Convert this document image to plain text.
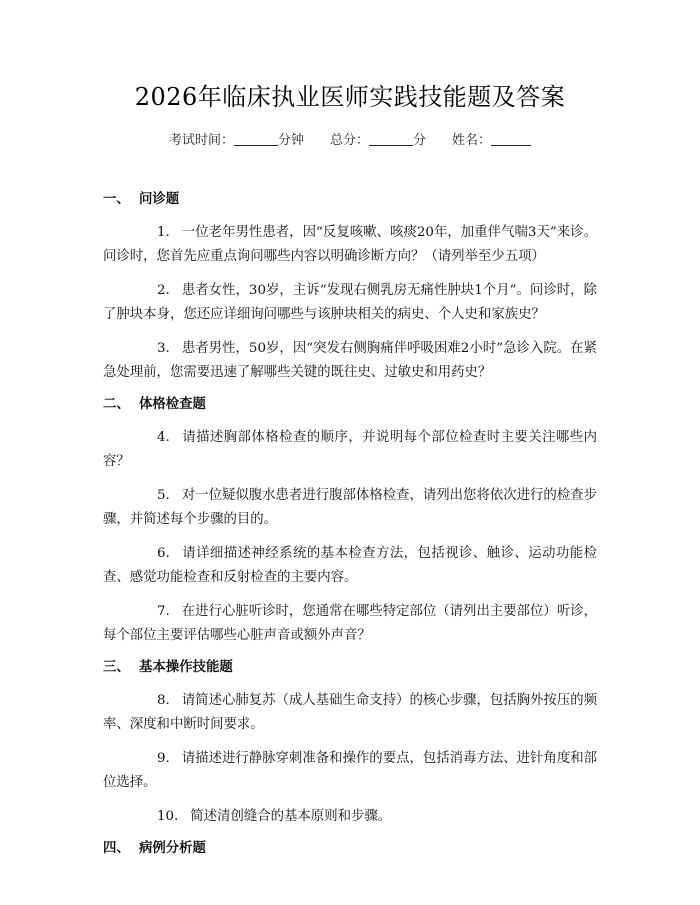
2026年临床执业医师实践技能题及答案
考试时间：	分钟 总分：	分 姓名：

一、 问诊题

1. 一位老年男性患者，因“反复咳嗽、咳痰20年，加重伴气喘3天”来诊。问诊时，您首先应重点询问哪些内容以明确诊断方向？（请列举至少五项）

2. 患者女性，30岁，主诉“发现右侧乳房无痛性肿块1个月”。问诊时，除了肿块本身，您还应详细询问哪些与该肿块相关的病史、个人史和家族史？

3. 患者男性，50岁，因“突发右侧胸痛伴呼吸困难2小时”急诊入院。在紧急处理前，您需要迅速了解哪些关键的既往史、过敏史和用药史？

二、 体格检查题

4. 请描述胸部体格检查的顺序，并说明每个部位检查时主要关注哪些内容？

5. 对一位疑似腹水患者进行腹部体格检查，请列出您将依次进行的检查步骤，并简述每个步骤的目的。

6. 请详细描述神经系统的基本检查方法，包括视诊、触诊、运动功能检查、感觉功能检查和反射检查的主要内容。

7. 在进行心脏听诊时，您通常在哪些特定部位（请列出主要部位）听诊，每个部位主要评估哪些心脏声音或额外声音？

三、 基本操作技能题

8. 请简述心肺复苏（成人基础生命支持）的核心步骤，包括胸外按压的频率、深度和中断时间要求。

9. 请描述进行静脉穿刺准备和操作的要点，包括消毒方法、进针角度和部位选择。

10. 简述清创缝合的基本原则和步骤。

四、 病例分析题
